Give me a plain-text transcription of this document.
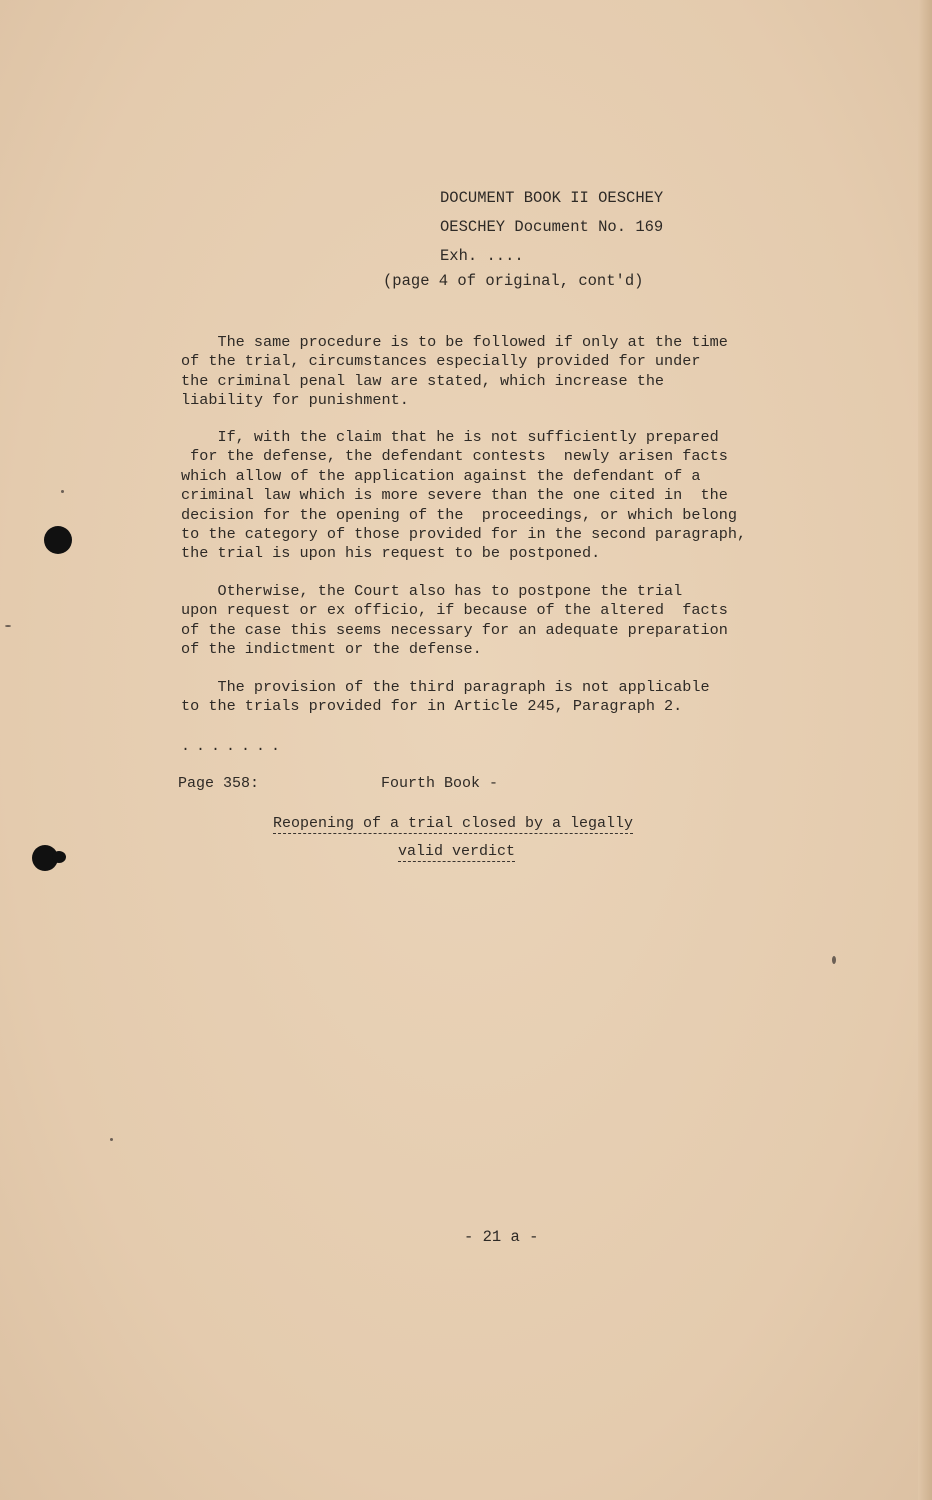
DOCUMENT BOOK II OESCHEY
OESCHEY Document No. 169
Exh. ....
(page 4 of original, cont'd)
The same procedure is to be followed if only at the time
of the trial, circumstances especially provided for under
the criminal penal law are stated, which increase the
liability for punishment.
If, with the claim that he is not sufficiently prepared
for the defense, the defendant contests  newly arisen facts
which allow of the application against the defendant of a
criminal law which is more severe than the one cited in  the
decision for the opening of the  proceedings, or which belong
to the category of those provided for in the second paragraph,
the trial is upon his request to be postponed.
Otherwise, the Court also has to postpone the trial
upon request or ex officio, if because of the altered  facts
of the case this seems necessary for an adequate preparation
of the indictment or the defense.
The provision of the third paragraph is not applicable
to the trials provided for in Article 245, Paragraph 2.
.......
Page 358:	Fourth Book -
Reopening of a trial closed by a legally
valid verdict
- 21 a -
